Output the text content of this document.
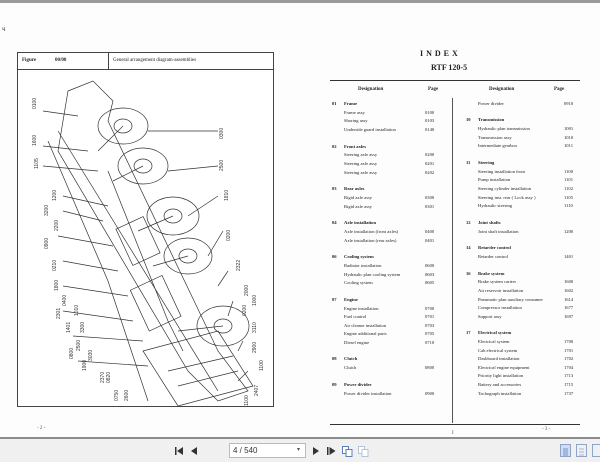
ч
Figure	00/00	General arrangement diagram-assemblies
0100
1600
1105
1200
3200
2200
0900
0210
1800
0400
2301 1010
1401 3300
2500
0800	3030
1900
2370 0820
0750 2600
0300
2500
1810
0200
2322
2000
1000
0200
3110
2900
1100
2407
1100
- 2 -
INDEX
RTF 120-5
Designation	Page	Designation	Page
01	Frame
Frame assy	0100
Shoring assy	0103
Underride guard installation	0140
02	Front axles
Steering axle assy	0200
Steering axle assy	0201
Steering axle assy	0202
03	Rear axles
Rigid axle assy	0300
Rigid axle assy	0301
04	Axle installation
Axle installation (front axles)	0400
Axle installation (rear axles)	0401
06	Cooling system
Radiator installation	0600
Hydraulic plan cooling system	0603
Cooling system	0605
07	Engine
Engine installation	0700
Fuel control	0701
Air cleaner installation	0703
Engine additional parts	0705
Diesel engine	0710
08	Clutch
Clutch	0800
09	Power divider
Power divider installation	0900
Power divider	0910
10	Transmission
Hydraulic plan transmission	1001
Transmission assy	1010
Intermediate gearbox	1011
11	Steering
Steering installation front	1100
Pump installation	1101
Steering cylinder installation	1102
Steering inst. rear ( Lock assy )	1105
Hydraulic steering	1110
12	Joint shafts
Joint shaft installation	1200
14	Retarder control
Retarder control	1401
16	Brake system
Brake system carrier	1600
Air reservoir installation	1602
Pneumatic plan auxiliary consumer	1614
Compressor installation	1677
Support assy	1697
17	Electrical system
Electrical system	1700
Cab electrical system	1701
Dashboard installation	1702
Electrical engine equipment	1704
Priority light installation	1713
Battery and accessories	1715
Tachograph installation	1737
I
- 3 -
4 / 540	▾
